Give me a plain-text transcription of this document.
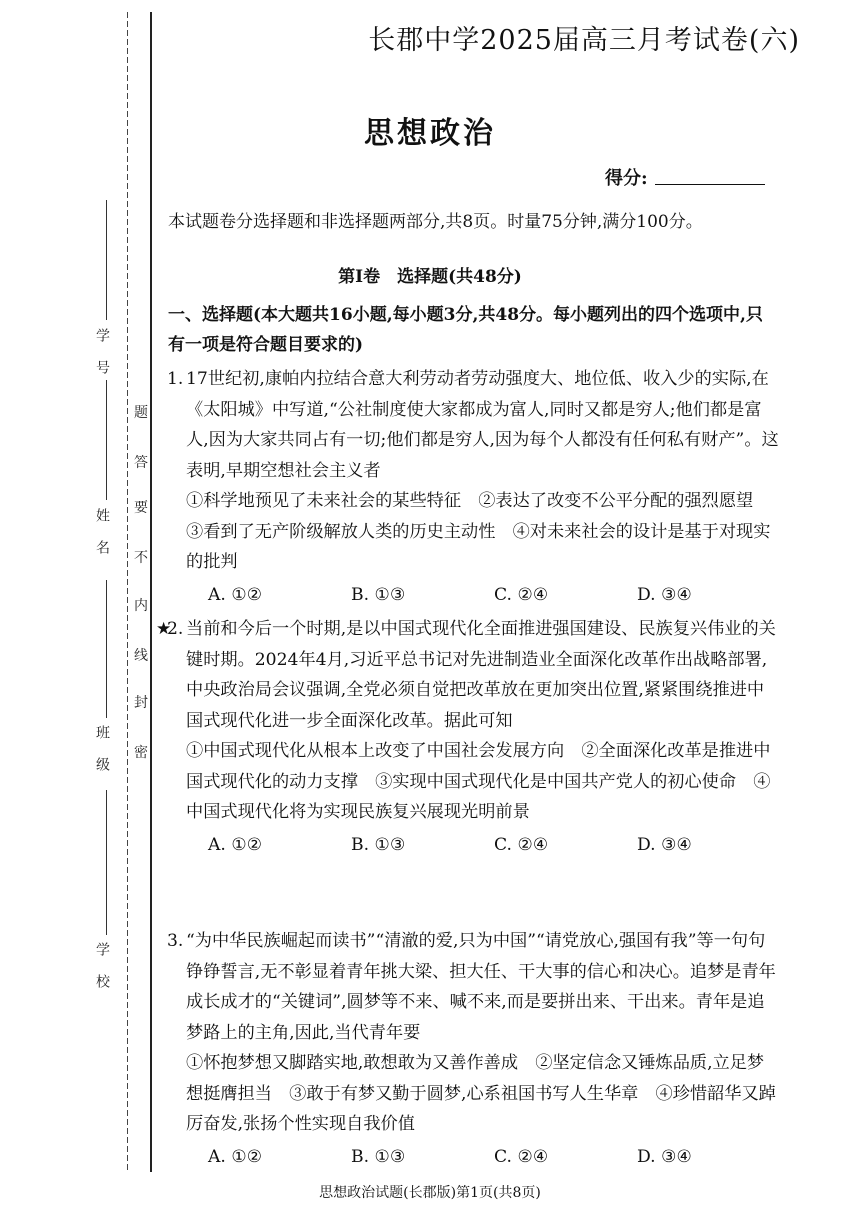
学　号
姓　名
班　级
学　校
题
答
要
不
内
线
封
密
长郡中学2025届高三月考试卷(六)
思想政治
得分:
本试题卷分选择题和非选择题两部分,共8页。时量75分钟,满分100分。
第Ⅰ卷　选择题(共48分)
一、选择题(本大题共16小题,每小题3分,共48分。每小题列出的四个选项中,只有一项是符合题目要求的)
1. 17世纪初,康帕内拉结合意大利劳动者劳动强度大、地位低、收入少的实际,在《太阳城》中写道,“公社制度使大家都成为富人,同时又都是穷人;他们都是富人,因为大家共同占有一切;他们都是穷人,因为每个人都没有任何私有财产”。这表明,早期空想社会主义者
①科学地预见了未来社会的某些特征　②表达了改变不公平分配的强烈愿望　③看到了无产阶级解放人类的历史主动性　④对未来社会的设计是基于对现实的批判
A. ①②	B. ①③	C. ②④	D. ③④
★
2. 当前和今后一个时期,是以中国式现代化全面推进强国建设、民族复兴伟业的关键时期。2024年4月,习近平总书记对先进制造业全面深化改革作出战略部署,中央政治局会议强调,全党必须自觉把改革放在更加突出位置,紧紧围绕推进中国式现代化进一步全面深化改革。据此可知
①中国式现代化从根本上改变了中国社会发展方向　②全面深化改革是推进中国式现代化的动力支撑　③实现中国式现代化是中国共产党人的初心使命　④中国式现代化将为实现民族复兴展现光明前景
A. ①②	B. ①③	C. ②④	D. ③④
3. “为中华民族崛起而读书”“清澈的爱,只为中国”“请党放心,强国有我”等一句句铮铮誓言,无不彰显着青年挑大梁、担大任、干大事的信心和决心。追梦是青年成长成才的“关键词”,圆梦等不来、喊不来,而是要拼出来、干出来。青年是追梦路上的主角,因此,当代青年要
①怀抱梦想又脚踏实地,敢想敢为又善作善成　②坚定信念又锤炼品质,立足梦想挺膺担当　③敢于有梦又勤于圆梦,心系祖国书写人生华章　④珍惜韶华又踔厉奋发,张扬个性实现自我价值
A. ①②	B. ①③	C. ②④	D. ③④
思想政治试题(长郡版)第1页(共8页)
